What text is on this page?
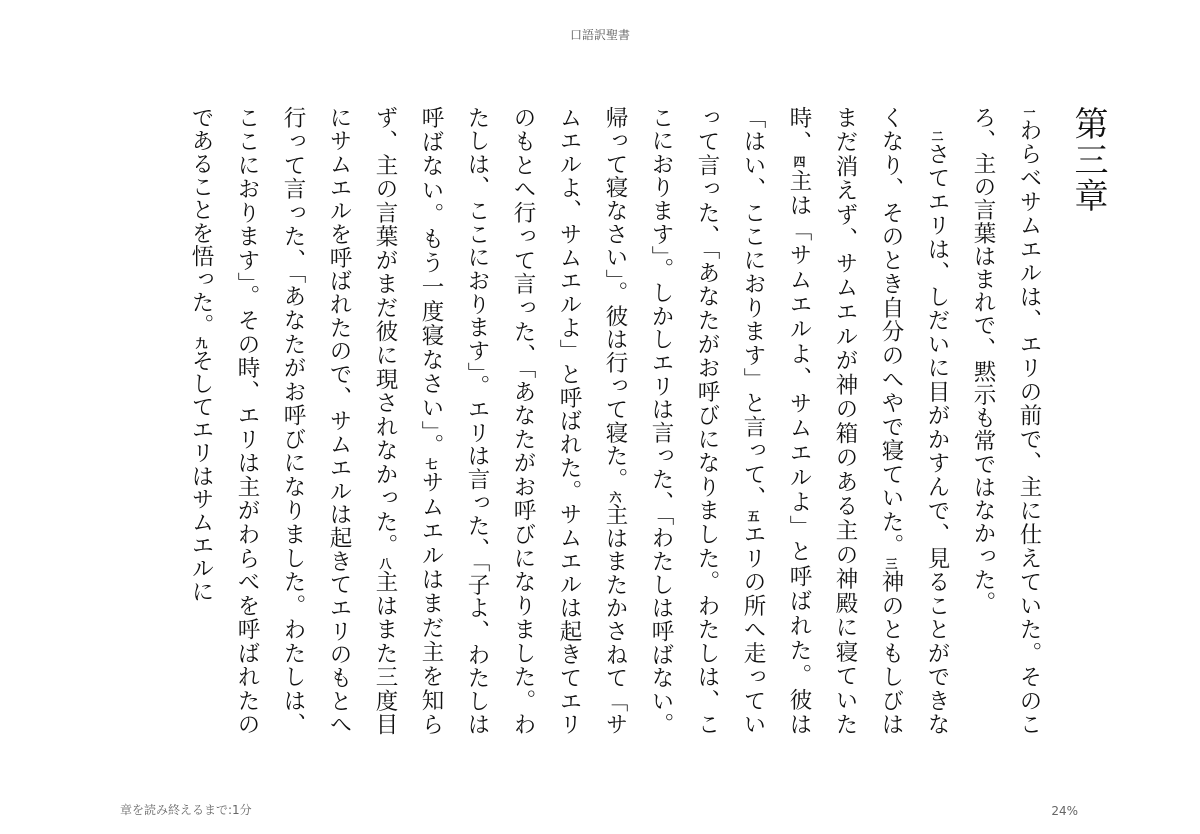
口語訳聖書
第三章

$^一$わらベサムエルは、エリの前で、主に仕えていた。そのころ、主の言葉はまれで、黙示も常ではなかった。
　$^二$さてエリは、しだいに目がかすんで、見ることができなくなり、そのとき自分のへやで寝ていた。$^三$神のともしびはまだ消えず、サムエルが神の箱のある主の神殿に寝ていた時、$^四$主は「サムエルよ、サムエルよ」と呼ばれた。彼は「はい、ここにおります」と言って、$^五$エリの所へ走っていって言った、「あなたがお呼びになりました。わたしは、ここにおります」。しかしエリは言った、「わたしは呼ばない。帰って寝なさい」。彼は行って寝た。$^六$主はまたかさねて「サムエルよ、サムエルよ」と呼ばれた。サムエルは起きてエリのもとへ行って言った、「あなたがお呼びになりました。わたしは、ここにおります」。エリは言った、「子よ、わたしは呼ばない。もう一度寝なさい」。$^七$サムエルはまだ主を知らず、主の言葉がまだ彼に現されなかった。$^八$主はまた三度目にサムエルを呼ばれたので、サムエルは起きてエリのもとへ行って言った、「あなたがお呼びになりました。わたしは、ここにおります」。その時、エリは主がわらべを呼ばれたのであることを悟った。$^九$そしてエリはサムエルに

章を読み終えるまで:1分	24%
